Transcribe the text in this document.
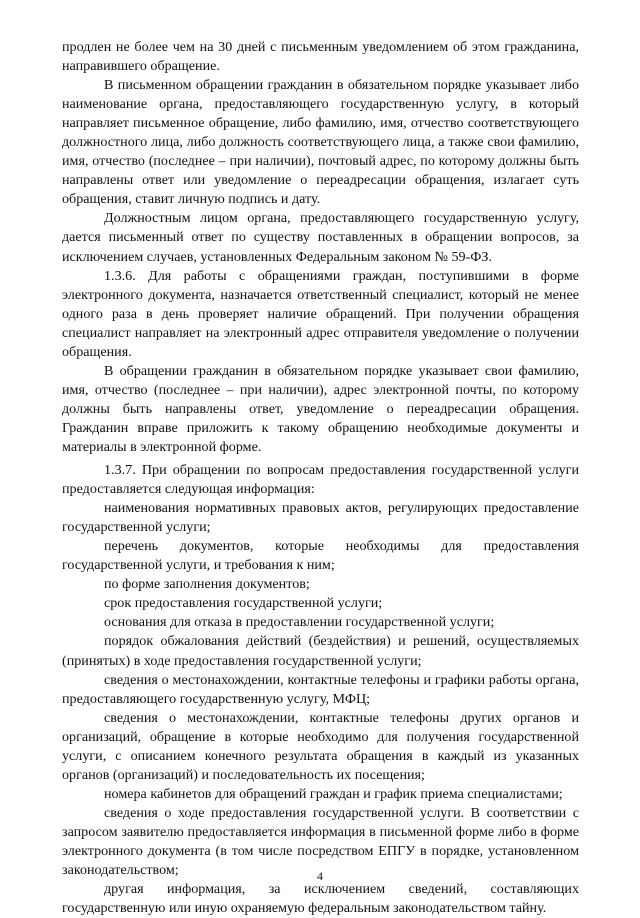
продлен не более чем на 30 дней с письменным уведомлением об этом гражданина, направившего обращение.

В письменном обращении гражданин в обязательном порядке указывает либо наименование органа, предоставляющего государственную услугу, в который направляет письменное обращение, либо фамилию, имя, отчество соответствующего должностного лица, либо должность соответствующего лица, а также свои фамилию, имя, отчество (последнее – при наличии), почтовый адрес, по которому должны быть направлены ответ или уведомление о переадресации обращения, излагает суть обращения, ставит личную подпись и дату.

Должностным лицом органа, предоставляющего государственную услугу, дается письменный ответ по существу поставленных в обращении вопросов, за исключением случаев, установленных Федеральным законом № 59-ФЗ.

1.3.6. Для работы с обращениями граждан, поступившими в форме электронного документа, назначается ответственный специалист, который не менее одного раза в день проверяет наличие обращений. При получении обращения специалист направляет на электронный адрес отправителя уведомление о получении обращения.

В обращении гражданин в обязательном порядке указывает свои фамилию, имя, отчество (последнее – при наличии), адрес электронной почты, по которому должны быть направлены ответ, уведомление о переадресации обращения. Гражданин вправе приложить к такому обращению необходимые документы и материалы в электронной форме.

1.3.7. При обращении по вопросам предоставления государственной услуги предоставляется следующая информация:

наименования нормативных правовых актов, регулирующих предоставление государственной услуги;

перечень документов, которые необходимы для предоставления государственной услуги, и требования к ним;

по форме заполнения документов;

срок предоставления государственной услуги;

основания для отказа в предоставлении государственной услуги;

порядок обжалования действий (бездействия) и решений, осуществляемых (принятых) в ходе предоставления государственной услуги;

сведения о местонахождении, контактные телефоны и графики работы органа, предоставляющего государственную услугу, МФЦ;

сведения о местонахождении, контактные телефоны других органов и организаций, обращение в которые необходимо для получения государственной услуги, с описанием конечного результата обращения в каждый из указанных органов (организаций) и последовательность их посещения;

номера кабинетов для обращений граждан и график приема специалистами;

сведения о ходе предоставления государственной услуги. В соответствии с запросом заявителю предоставляется информация в письменной форме либо в форме электронного документа (в том числе посредством ЕПГУ в порядке, установленном законодательством;

другая информация, за исключением сведений, составляющих государственную или иную охраняемую федеральным законодательством тайну.

4
